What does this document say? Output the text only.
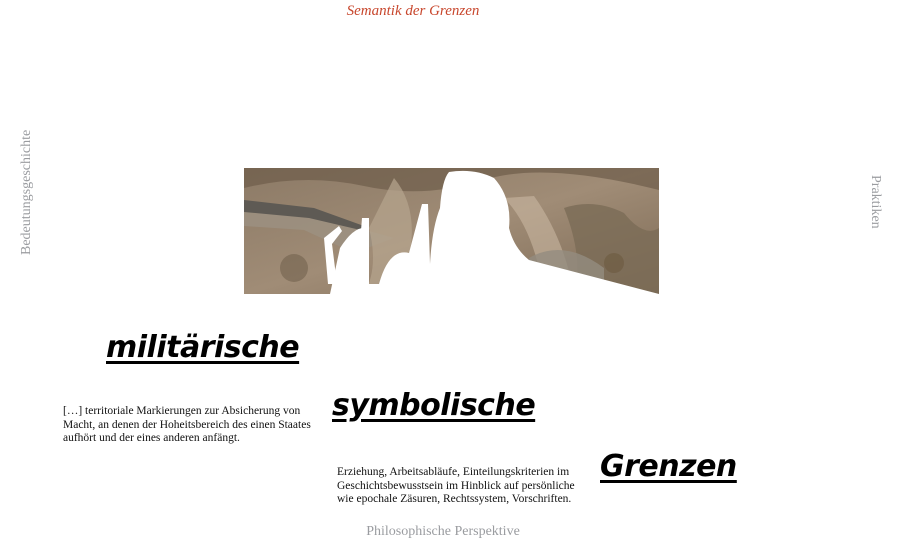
Semantik der Grenzen
Bedeutungsgeschichte	Praktiken
militärische
symbolische
Grenzen
[…] territoriale Markierungen zur Absicherung von Macht, an denen der Hoheitsbereich des einen Staates aufhört und der eines anderen anfängt.
Erziehung, Arbeitsabläufe, Einteilungskriterien im Geschichtsbewusstsein im Hinblick auf persönliche wie epochale Zäsuren, Rechtssystem, Vorschriften.
Philosophische Perspektive
